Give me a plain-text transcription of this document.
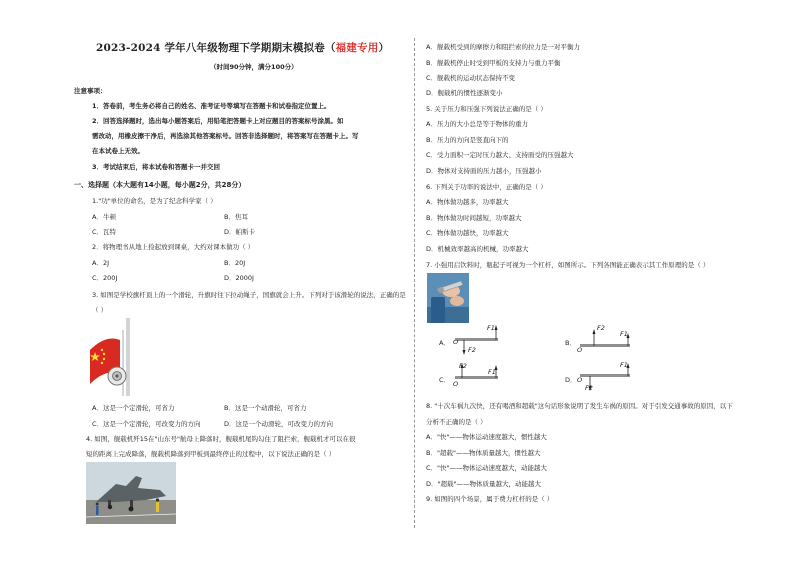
2023-2024 学年八年级物理下学期期末模拟卷（福建专用）
（时间90分钟，满分100分）
注意事项：
1．答卷前，考生务必将自己的姓名、准考证号等填写在答题卡和试卷指定位置上。
2．回答选择题时，选出每小题答案后，用铅笔把答题卡上对应题目的答案标号涂黑。如
需改动，用橡皮擦干净后，再选涂其他答案标号。回答非选择题时，将答案写在答题卡上。写
在本试卷上无效。
3．考试结束后，将本试卷和答题卡一并交回
一、选择题（本大题有14小题，每小题2分，共28分）
1."功"单位的命名，是为了纪念科学家（ ）
A．牛顿	B．焦耳
C．瓦特	D．帕斯卡
2．将物理书从地上捡起放到课桌，大约对课本做功（ ）
A．2J	B．20J
C．200J	D．2000J
3. 如图是学校旗杆顶上的一个滑轮，升旗时往下拉动绳子，国旗就会上升。下列对于该滑轮的说法，正确的是
（ ）
A．这是一个定滑轮，可省力	B．这是一个动滑轮，可省力
C．这是一个定滑轮，可改变力的方向	D．这是一个动滑轮，可改变力的方向
4. 如图，舰载机歼15在"山东号"航母上降落时，舰载机尾钩勾住了阻拦索，舰载机才可以在很
短的距离上完成降落，舰载机降落到甲板到最终停止的过程中，以下说法正确的是（ ）
A．舰载机受到的摩擦力和阻拦索的拉力是一对平衡力
B．舰载机停止时受到甲板的支持力与重力平衡
C．舰载机的运动状态保持不变
D．舰载机的惯性逐渐变小
5. 关于压力和压强下列说法正确的是（ ）
A．压力的大小总是等于物体的重力
B．压力的方向是竖直向下的
C．受力面积一定时压力越大、支持面受的压强越大
D．物体对支持面的压力越小，压强越小
6. 下列关于功率的说法中，正确的是（ ）
A．物体做功越多，功率越大
B．物体做功时间越短，功率越大
C．物体做功越快，功率越大
D．机械效率越高的机械，功率越大
7. 小强用启饮料时，瓶起子可视为一个杠杆，如图所示。下列各图能正确表示其工作原理的是（ ）
A．
F1
O
F2
B．
F2
F1
O
C．
F2
F1
O	D．
F1
O
F2
8. "十次车祸九次快，还有喝酒和超载"这句话形象说明了发生车祸的原因。对于引发交通事故的原因，以下
分析不正确的是（ ）
A．"快"——物体运动速度越大，惯性越大
B．"超载"——物体质量越大，惯性越大
C．"快"——物体运动速度越大，动能越大
D．"超载"——物体质量越大，动能越大
9. 如图的四个场景，属于费力杠杆的是（ ）
